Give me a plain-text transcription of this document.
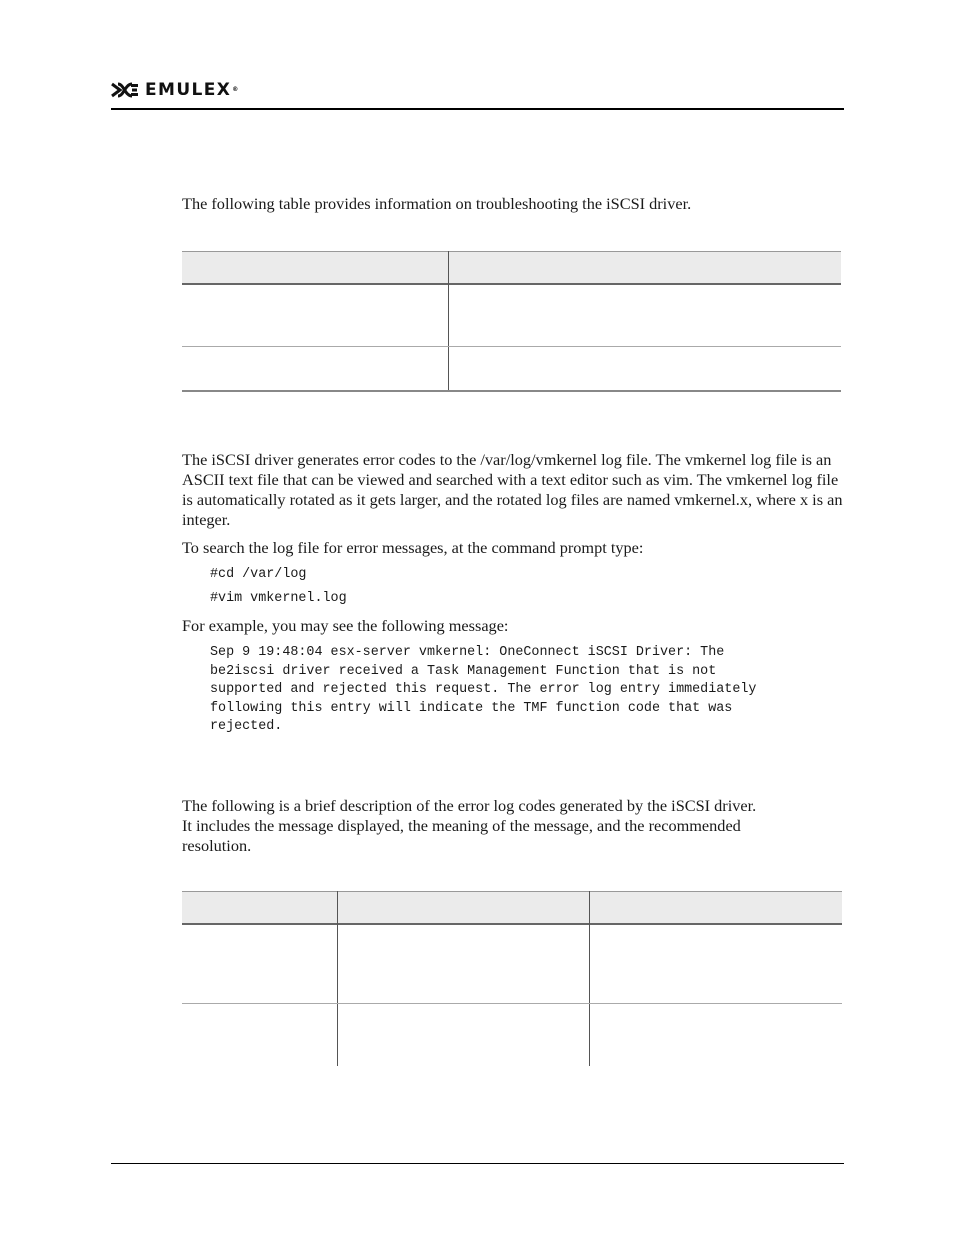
EMULEX®

The following table provides information on troubleshooting the iSCSI driver.

The iSCSI driver generates error codes to the /var/log/vmkernel log file. The vmkernel log file is an ASCII text file that can be viewed and searched with a text editor such as vim. The vmkernel log file is automatically rotated as it gets larger, and the rotated log files are named vmkernel.x, where x is an integer.

To search the log file for error messages, at the command prompt type:

#cd /var/log
#vim vmkernel.log

For example, you may see the following message:

Sep 9 19:48:04 esx-server vmkernel: OneConnect iSCSI Driver: The
be2iscsi driver received a Task Management Function that is not
supported and rejected this request. The error log entry immediately
following this entry will indicate the TMF function code that was
rejected.
The following is a brief description of the error log codes generated by the iSCSI driver.
It includes the message displayed, the meaning of the message, and the recommended
resolution.
